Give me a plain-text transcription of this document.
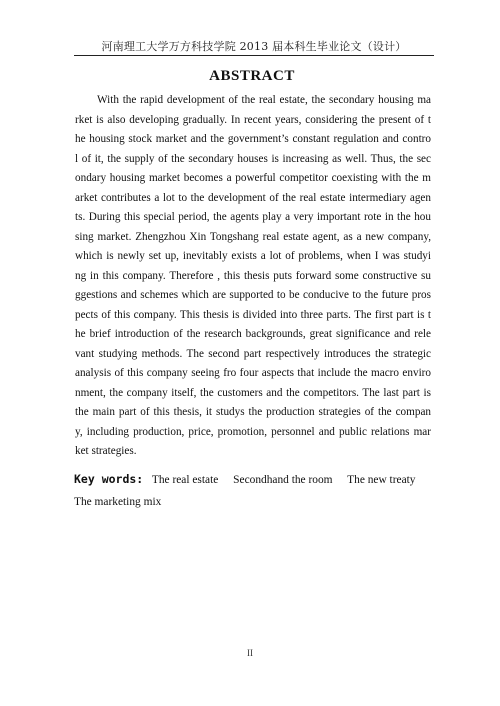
河南理工大学万方科技学院 2013 届本科生毕业论文（设计）
ABSTRACT
With the rapid development of the real estate, the secondary housing ma
rket is also developing gradually. In recent years, considering the present of t
he housing stock market and the government’s constant regulation and contro
l of it, the supply of the secondary houses is increasing as well. Thus, the sec
ondary housing market becomes a powerful competitor coexisting with the m
arket contributes a lot to the development of the real estate intermediary agen
ts. During this special period, the agents play a very important rote in the hou
sing market. Zhengzhou Xin Tongshang real estate agent, as a new company,
which is newly set up, inevitably exists a lot of problems, when I was studyi
ng in this company. Therefore , this thesis puts forward some constructive su
ggestions and schemes which are supported to be conducive to the future pros
pects of this company. This thesis is divided into three parts. The first part is t
he brief introduction of the research backgrounds, great significance and rele
vant studying methods. The second part respectively introduces the strategic
analysis of this company seeing fro four aspects that include the macro enviro
nment, the company itself, the customers and the competitors. The last part is
the main part of this thesis, it studys the production strategies of the compan
y, including production, price, promotion, personnel and public relations mar
ket strategies.
Key words: The real estate Secondhand the room The new treaty
The marketing mix
II
